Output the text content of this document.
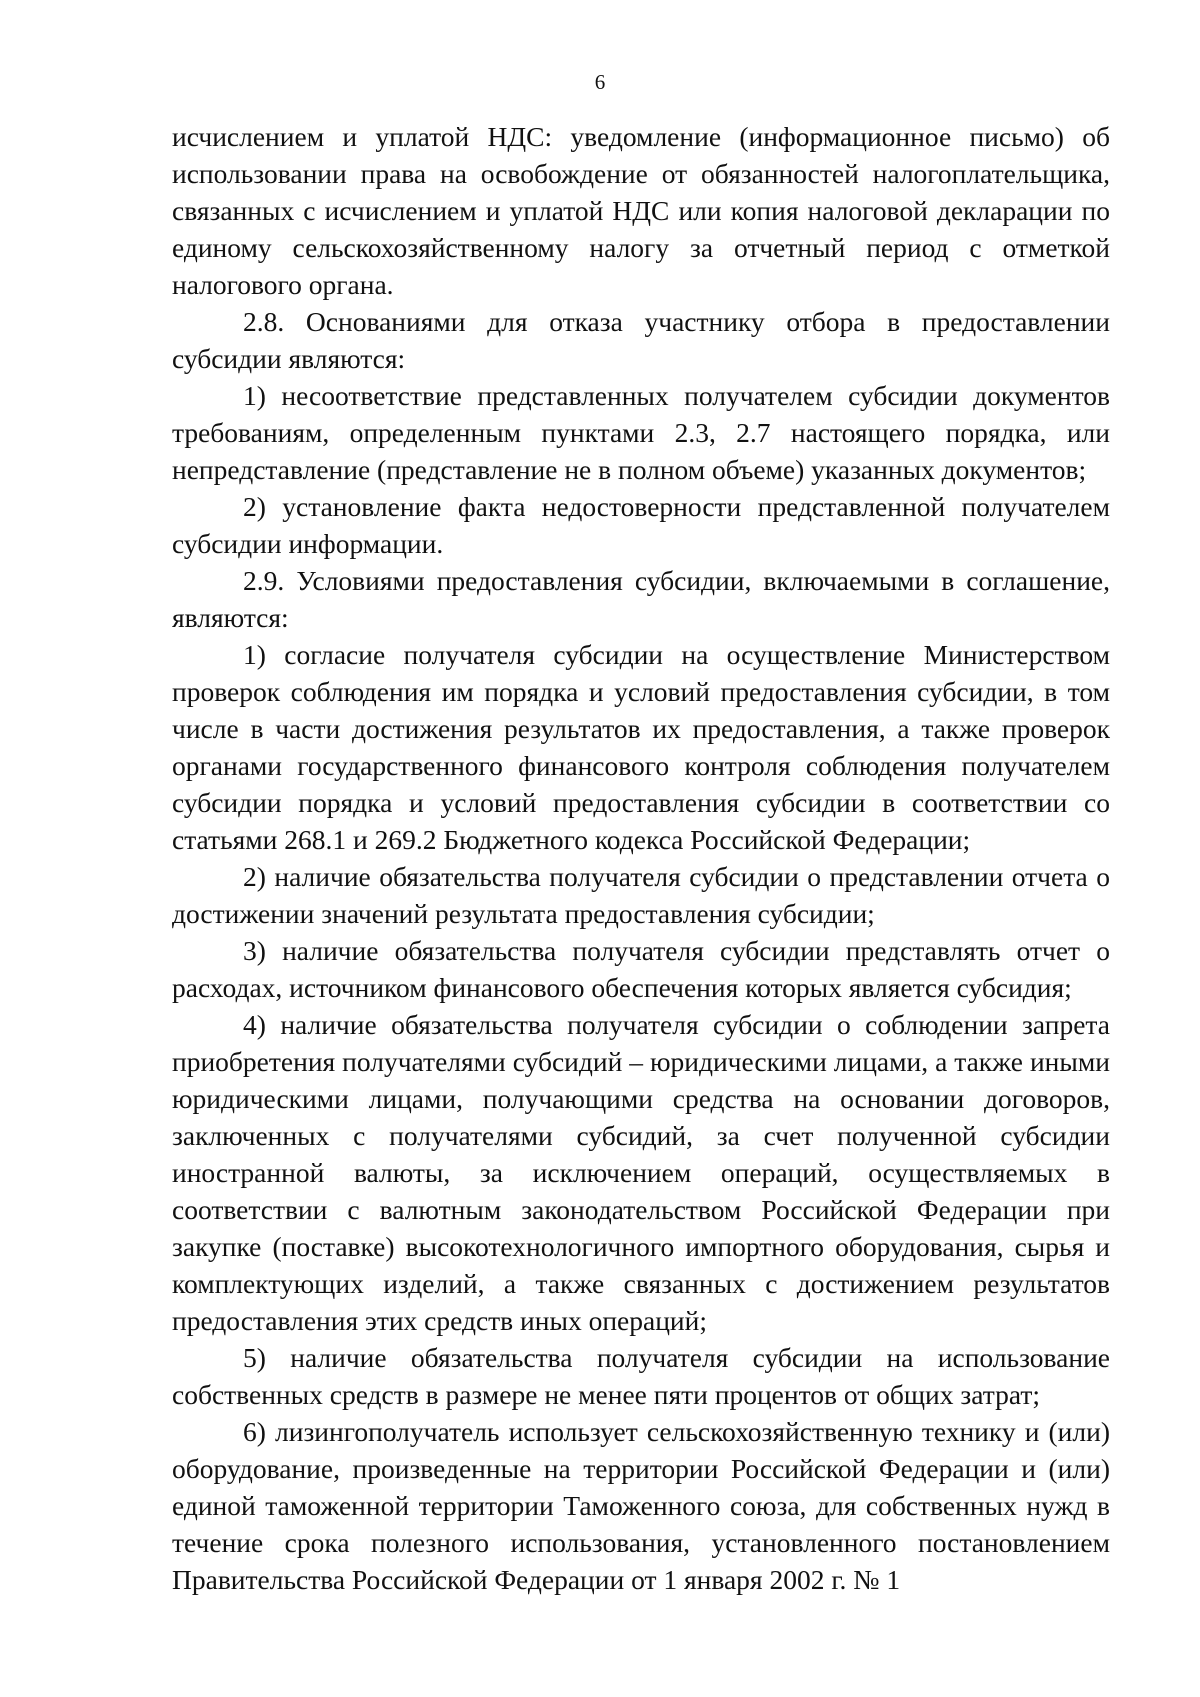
6

исчислением и уплатой НДС: уведомление (информационное письмо) об использовании права на освобождение от обязанностей налогоплательщика, связанных с исчислением и уплатой НДС или копия налоговой декларации по единому сельскохозяйственному налогу за отчетный период с отметкой налогового органа.

2.8. Основаниями для отказа участнику отбора в предоставлении субсидии являются:

1) несоответствие представленных получателем субсидии документов требованиям, определенным пунктами 2.3, 2.7 настоящего порядка, или непредставление (представление не в полном объеме) указанных документов;

2) установление факта недостоверности представленной получателем субсидии информации.

2.9. Условиями предоставления субсидии, включаемыми в соглашение, являются:

1) согласие получателя субсидии на осуществление Министерством проверок соблюдения им порядка и условий предоставления субсидии, в том числе в части достижения результатов их предоставления, а также проверок органами государственного финансового контроля соблюдения получателем субсидии порядка и условий предоставления субсидии в соответствии со статьями 268.1 и 269.2 Бюджетного кодекса Российской Федерации;

2) наличие обязательства получателя субсидии о представлении отчета о достижении значений результата предоставления субсидии;

3) наличие обязательства получателя субсидии представлять отчет о расходах, источником финансового обеспечения которых является субсидия;

4) наличие обязательства получателя субсидии о соблюдении запрета приобретения получателями субсидий – юридическими лицами, а также иными юридическими лицами, получающими средства на основании договоров, заключенных с получателями субсидий, за счет полученной субсидии иностранной валюты, за исключением операций, осуществляемых в соответствии с валютным законодательством Российской Федерации при закупке (поставке) высокотехнологичного импортного оборудования, сырья и комплектующих изделий, а также связанных с достижением результатов предоставления этих средств иных операций;

5) наличие обязательства получателя субсидии на использование собственных средств в размере не менее пяти процентов от общих затрат;

6) лизингополучатель использует сельскохозяйственную технику и (или) оборудование, произведенные на территории Российской Федерации и (или) единой таможенной территории Таможенного союза, для собственных нужд в течение срока полезного использования, установленного постановлением Правительства Российской Федерации от 1 января 2002 г. № 1
